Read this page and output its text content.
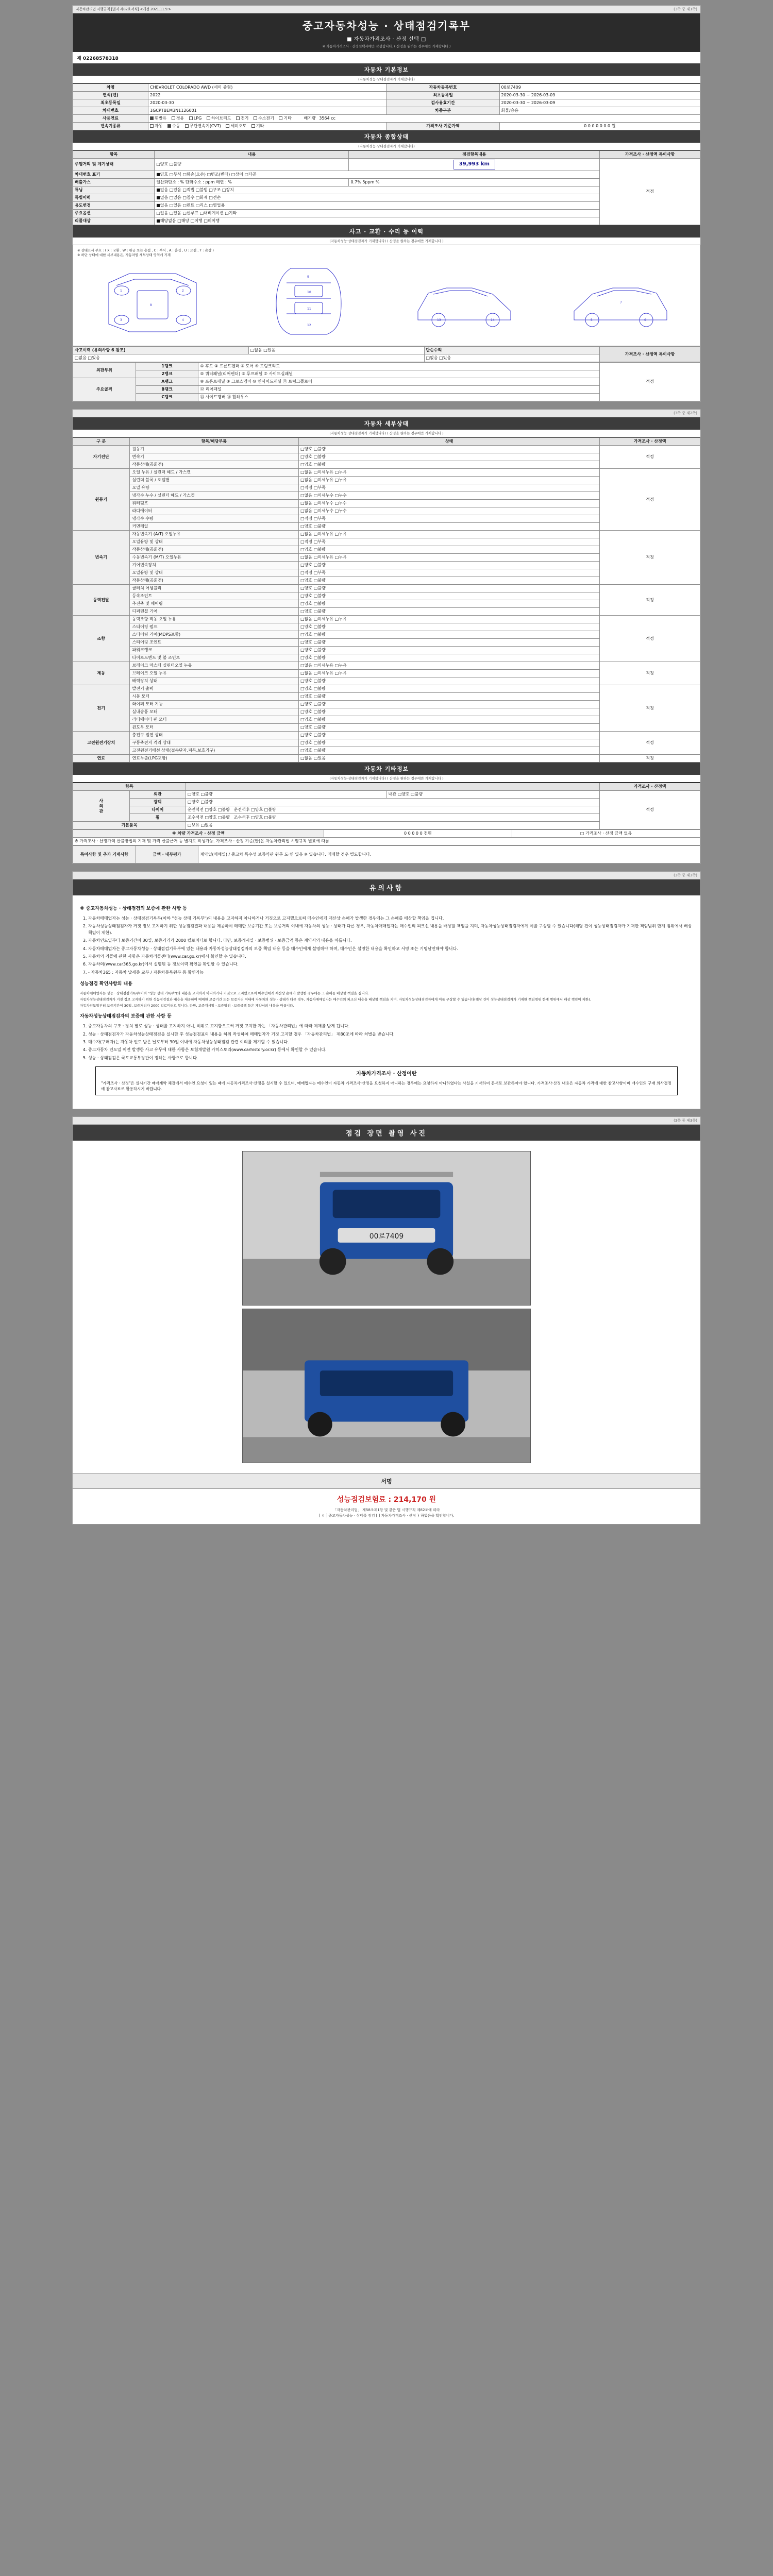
자동차관리법 시행규칙 [별지 제82호서식] <개정 2021.11.9.>	(3쪽 중 제1쪽)
중고자동차성능 · 상태점검기록부
■ 자동차가격조사 · 산정 선택 □
※ 자동차가격조사 · 산정선택시에만 작성합니다. ( 산정을 원하는 경우에만 기재합니다 )
제 02268578318
자동차 기본정보
(자동차성능·상태점검자가 기재합니다)
차명	CHEVROLET COLORADO AWD (세미 중형)	자동차등록번호	00로7409
연식(년)	2022	최초등록일	2020-03-30 ~ 2026-03-09
최초등록일	2020-03-30	검사유효기간	2020-03-30 ~ 2026-03-09
차대번호	1GCPTBEM3N1126001	차종구분	화물/승용
사용연료	휘발유 경유 LPG 하이브리드 전기 수소전기 기타 배기량 3564 cc		
변속기종류	자동 수동 무단변속기(CVT) 세미오토 기타	가격조사 기준가액	0 0 0 0 0 0 0 원
자동차 종합상태
(자동차성능·상태점검자가 기재합니다)
항목	내용	점검항목내용	가격조사 · 산정액 특이사항
주행거리 및 계기상태	□양호 □불량	39,993 km	적정
차대번호 표기	■양호 □부식 □훼손(오손) □변조(변타) □상이 □타공		
배출가스	일산화탄소 : % 탄화수소 : ppm 매연 : %	0.7% 5ppm %	
튜닝	■없음 □있음 □적법 □불법 □구조 □장치		
특별이력	■없음 □있음 □침수 □화재 □전손		
용도변경	■없음 □있음 □렌트 □리스 □영업용		
주요옵션	□없음 □있음 □선루프 □내비게이션 □기타		
리콜대상	■해당없음 □해당 □이행 □미이행		
사고 · 교환 · 수리 등 이력
(자동차성능·상태점검자가 기재합니다) ( 산정을 원하는 경우에만 기재합니다 )
※ 상태표시 부호 : ( X : 교환 , W : 판금 또는 용접 , C : 부식 , A : 흠집 , U : 요철 , T : 손상 )
※ 하단 상태에 대한 세부내용은, 자동차별 세부상태 영역에 기재
1	2
3	4
8
9
10
11
12
13	14	5	6
7
사고이력 (유의사항 6 참조)	□없음 □있음	단순수리	가격조사 · 산정액 특이사항
□없음 □있음		□없음 □있음	
외판부위	1랭크	① 후드 ② 프론트펜더 ③ 도어 ④ 트렁크리드	적정
	2랭크	⑤ 쿼터패널(리어펜더) ⑥ 루프패널 ⑦ 사이드실패널	
주요골격	A랭크	⑧ 프론트패널 ⑨ 크로스멤버 ⑩ 인사이드패널 ⑪ 트렁크플로어	
	B랭크	⑫ 리어패널	
	C랭크	⑬ 사이드멤버 ⑭ 휠하우스	

(3쪽 중 제2쪽)
자동차 세부상태
(자동차성능·상태점검자가 기재합니다) ( 산정을 원하는 경우에만 기재합니다 )
구 분	항목/해당부품	상태	가격조사 · 산정액
자기진단	원동기	□양호 □불량	적정
	변속기	□양호 □불량	
	작동상태(공회전)	□양호 □불량	
원동기	오일 누유 / 실린더 헤드 / 가스켓	□없음 □미세누유 □누유	적정
	실린더 블록 / 오일팬	□없음 □미세누유 □누유	
	오일 유량	□적정 □부족	
	냉각수 누수 / 실린더 헤드 / 가스켓	□없음 □미세누수 □누수	
	워터펌프	□없음 □미세누수 □누수	
	라디에이터	□없음 □미세누수 □누수	
	냉각수 수량	□적정 □부족	
	커먼레일	□양호 □불량	
변속기	자동변속기 (A/T) 오일누유	□없음 □미세누유 □누유	적정
	오일유량 및 상태	□적정 □부족	
	작동상태(공회전)	□양호 □불량	
	수동변속기 (M/T) 오일누유	□없음 □미세누유 □누유	
	기어변속장치	□양호 □불량	
	오일유량 및 상태	□적정 □부족	
	작동상태(공회전)	□양호 □불량	
동력전달	클러치 어셈블리	□양호 □불량	적정
	등속조인트	□양호 □불량	
	추진축 및 베어링	□양호 □불량	
	디퍼렌셜 기어	□양호 □불량	
조향	동력조향 작동 오일 누유	□없음 □미세누유 □누유	적정
	스티어링 펌프	□양호 □불량	
	스티어링 기어(MDPS포함)	□양호 □불량	
	스티어링 조인트	□양호 □불량	
	파워크랭크	□양호 □불량	
	타이로드엔드 및 볼 조인트	□양호 □불량	
제동	브레이크 마스터 실린더오일 누유	□없음 □미세누유 □누유	적정
	브레이크 오일 누유	□없음 □미세누유 □누유	
	배력장치 상태	□양호 □불량	
전기	발전기 출력	□양호 □불량	적정
	시동 모터	□양호 □불량	
	와이퍼 모터 기능	□양호 □불량	
	실내송풍 모터	□양호 □불량	
	라디에이터 팬 모터	□양호 □불량	
	윈도우 모터	□양호 □불량	
고전원전기장치	충전구 절연 상태	□양호 □불량	적정
	구동축전지 격리 상태	□양호 □불량	
	고전원전기배선 상태(접속단자,피복,보호기구)	□양호 □불량	
연료	연료누출(LPG포함)	□없음 □있음	적정
자동차 기타정보
(자동차성능·상태점검자가 기재합니다) ( 산정을 원하는 경우에만 기재합니다 )
항목				가격조사 · 산정액
사
외
관	외관	□양호 □불량	내관 □양호 □불량	적정
	광택	□양호 □불량		
	타이어	운전석전 □양호 □불량   운전석후 □양호 □불량		
	휠	조수석전 □양호 □불량   조수석후 □양호 □불량		
기본품목		□보유 □없음		
※ 차량 가격조사 · 산정 금액	0 0 0 0 0 천원	□ 가격조사 · 산정 금액 없음
※ 가격조사 · 산정가액 산출방법의 기재 및 가격 산출근거 등 별지로 작성가능. 가격조사 · 산정 기준(안)은 자동차관리법 시행규칙 별표에 따름
특이사항 및 추가 기재사항	금액 · 내부평가	계약일(매매일) / 중고차 특수성 보증약관 원문 도·인 있음 ※ 있습니다. 매매할 경우 별도합니다.

(3쪽 중 제3쪽)
유의사항
※ 중고자동차성능 · 상태점검의 보증에 관한 사항 등
1. 자동차매매업자는 성능 · 상태점검기록부(이하 "성능 상태 기록부")의 내용을 고지하지 아니하거나 거짓으로 고지했으로써 매수인에게 재산상 손해가 발생한 경우에는 그 손해를 배상할 책임을 집니다.
2. 자동차성능상태점검자가 거짓 정보 고지하기 위한 성능점검결과 내용을 제공하여 매매한 보증기간 또는 보증거리 이내에 자동차의 성능 · 상태가 다른 경우, 자동차매매업자는 매수인의 피크신 내용을 배상할 책임을 지며, 자동차성능상태점검자에게 이를 구상할 수 있습니다(해당 건이 성능상태점검자가 기재한 책임범위 한계 범위에서 배상 책임이 제한).
3. 자동차인도일부터 보증기간이 30일, 보증거리가 2000 킬로미터로 합니다. 다만, 보증개시일 · 보증범위 · 보증금액 등은 계약서의 내용을 따릅니다.
4. 자동차매매업자는 중고자동차성능 · 상태점검기록부에 있는 내용과 자동차성능상태점검자의 보증 책임 내용 등을 매수인에게 설명해야 하며, 매수인은 설명한 내용을 확인하고 서명 또는 기명날인해야 합니다.
5. 자동차의 리콜에 관한 사항은 자동차리콜센터(www.car.go.kr)에서 확인할 수 있습니다.
6. 자동차의(www.car365.go.kr)에서 실명된 등 정보이력 확인을 확인할 수 있습니다.
7. - 자동차365 : 자동차 납세증 교부 / 자동차등록원부 등 확인가능
성능점검 확인사항의 내용

자동차매매업자는 성능 · 상태점검기록부(이하 "성능 상태 기록부")의 내용을 고지하지 아니하거나 거짓으로 고지했으로써 매수인에게 재산상 손해가 발생한 경우에는 그 손해를 배상할 책임을 집니다.

자동차성능상태점검자가 거짓 정보 고지하기 위한 성능점검결과 내용을 제공하여 매매한 보증기간 또는 보증거리 이내에 자동차의 성능 · 상태가 다른 경우, 자동차매매업자는 매수인의 피크신 내용을 배상할 책임을 지며, 자동차성능상태점검자에게 이를 구상할 수 있습니다(해당 건이 성능상태점검자가 기재한 책임범위 한계 범위에서 배상 책임이 제한).

자동차인도일부터 보증기간이 30일, 보증거리가 2000 킬로미터로 합니다. 다만, 보증개시일 · 보증범위 · 보증금액 등은 계약서의 내용을 따릅니다.

자동차성능상태점검자의 보증에 관한 사항 등
1. 중고자동차의 구조 · 장치 별로 성능 · 상태를 고지하지 아니, 허위로 고지함으로써 거짓 고지한 자는 「자동차관리법」에 따라 제재를 받게 됩니다.
2. 성능 · 상태점검자가 자동차성능상태점검을 실시한 후 성능점검표의 내용을 허위 작성하여 매매업자가 거짓 고지할 경우 「자동차관리법」 제80조에 따라 처벌을 받습니다.
3. 매수자(구매자)는 자동차 인도 받은 날로부터 30일 이내에 자동차성능상태점검 관련 이의를 제기할 수 있습니다.
4. 중고자동차 인도일 이전 발생한 사고 유무에 대한 사항은 보험개발원 카히스토리(www.carhistory.or.kr) 등에서 확인할 수 있습니다.
5. 성능 · 상태점검은 국토교통부장관이 정하는 사항으로 합니다.
자동차가격조사 · 산정이란
"가격조사 · 산정"은 실시기간 매매계약 체결에서 매수인 요청이 있는 때에 자동차가격조사·산정을 실시할 수 있으며, 매매업자는 매수인이 자동차 가격조사·산정을 요청하지 아니하는 경우에는 요청하지 아니하였다는 사실을 기재하여 문서로 보관하여야 합니다. 가격조사·산정 내용은 자동차 가격에 대한 참고사항이며 매수인의 구매 의사결정에 참고자료로 활용하시기 바랍니다.

(3쪽 중 제3쪽)
점검 장면 촬영 사진
00로7409
서명
성능점검보험료 : 214,170 원
「자동차관리법」 제58조제1항 및 같은 법 시행규칙 제82조에 따라
[ ㅇ ] 중고자동차성능 · 상태를 점검 [ ] 자동차가격조사 · 산정 } 하였음을 확인합니다.
